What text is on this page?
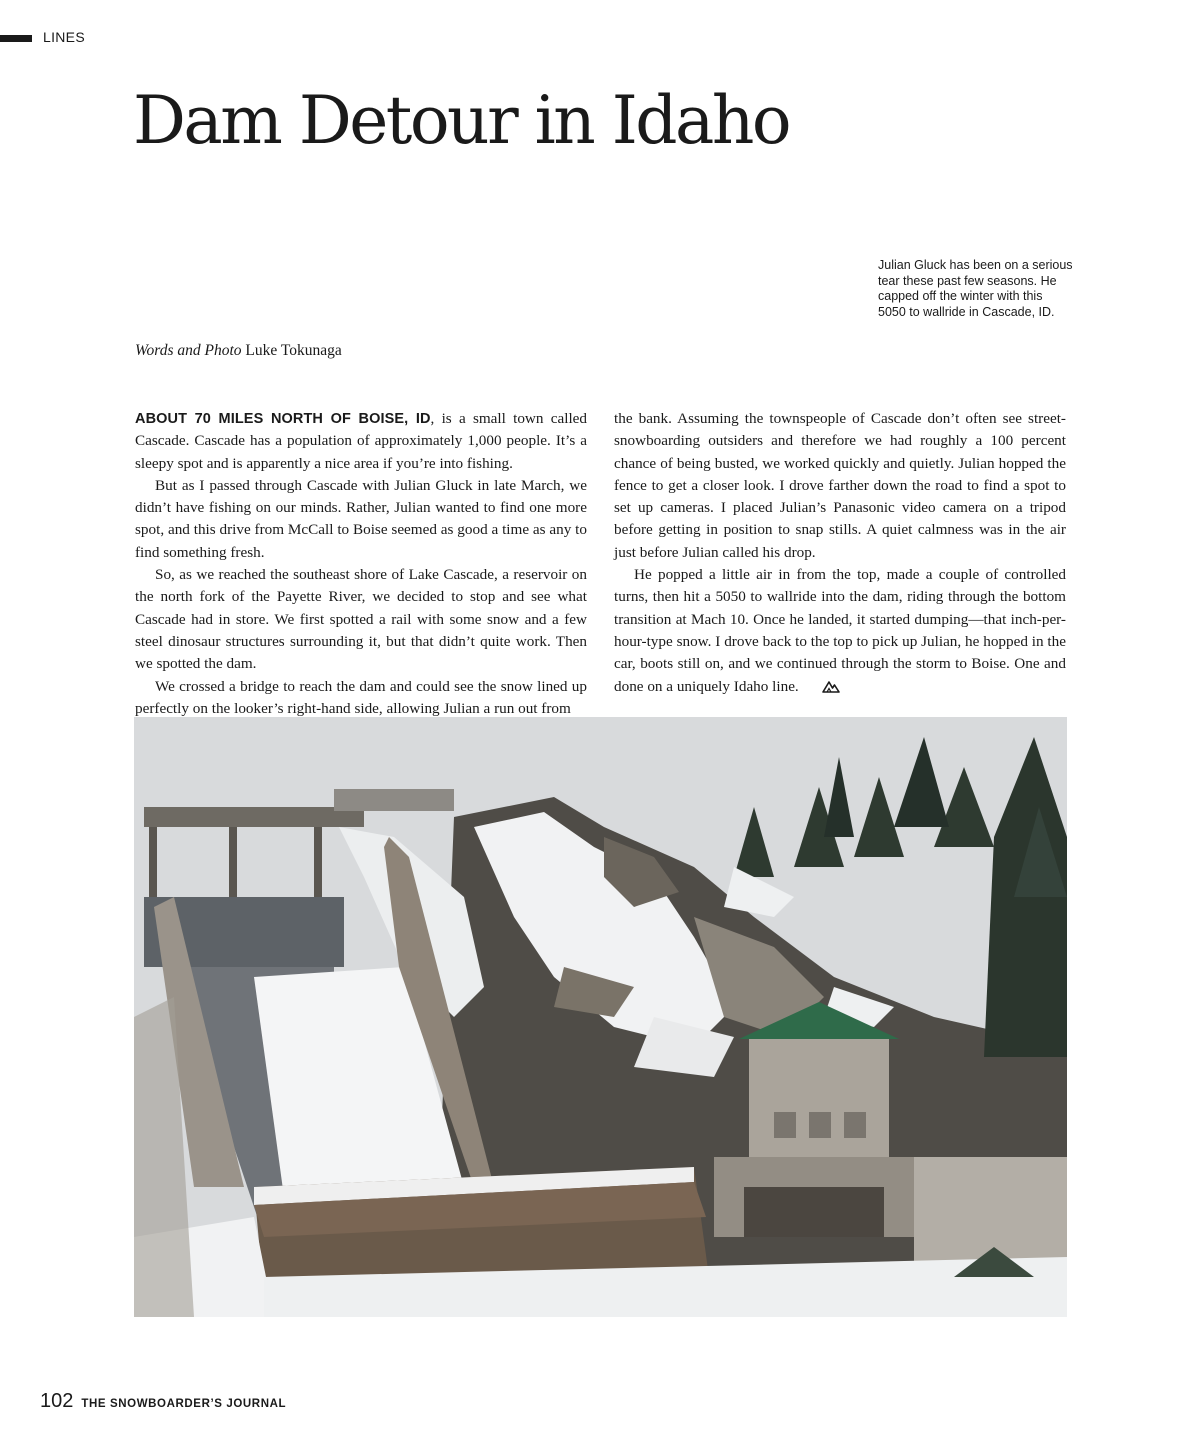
LINES
Dam Detour in Idaho
Julian Gluck has been on a serious tear these past few seasons. He capped off the winter with this 5050 to wallride in Cascade, ID.
Words and Photo Luke Tokunaga

ABOUT 70 MILES NORTH OF BOISE, ID, is a small town called Cascade. Cascade has a population of approximately 1,000 people. It’s a sleepy spot and is apparently a nice area if you’re into fishing.

But as I passed through Cascade with Julian Gluck in late March, we didn’t have fishing on our minds. Rather, Julian wanted to find one more spot, and this drive from McCall to Boise seemed as good a time as any to find something fresh.

So, as we reached the southeast shore of Lake Cascade, a reservoir on the north fork of the Payette River, we decided to stop and see what Cascade had in store. We first spotted a rail with some snow and a few steel dinosaur structures surrounding it, but that didn’t quite work. Then we spotted the dam.

We crossed a bridge to reach the dam and could see the snow lined up perfectly on the looker’s right-hand side, allowing Julian a run out from

the bank. Assuming the townspeople of Cascade don’t often see street-snowboarding outsiders and therefore we had roughly a 100 percent chance of being busted, we worked quickly and quietly. Julian hopped the fence to get a closer look. I drove farther down the road to find a spot to set up cameras. I placed Julian’s Panasonic video camera on a tripod before getting in position to snap stills. A quiet calmness was in the air just before Julian called his drop.

He popped a little air in from the top, made a couple of controlled turns, then hit a 5050 to wallride into the dam, riding through the bottom transition at Mach 10. Once he landed, it started dumping—that inch-per-hour-type snow. I drove back to the top to pick up Julian, he hopped in the car, boots still on, and we continued through the storm to Boise. One and done on a uniquely Idaho line.

102 THE SNOWBOARDER’S JOURNAL
